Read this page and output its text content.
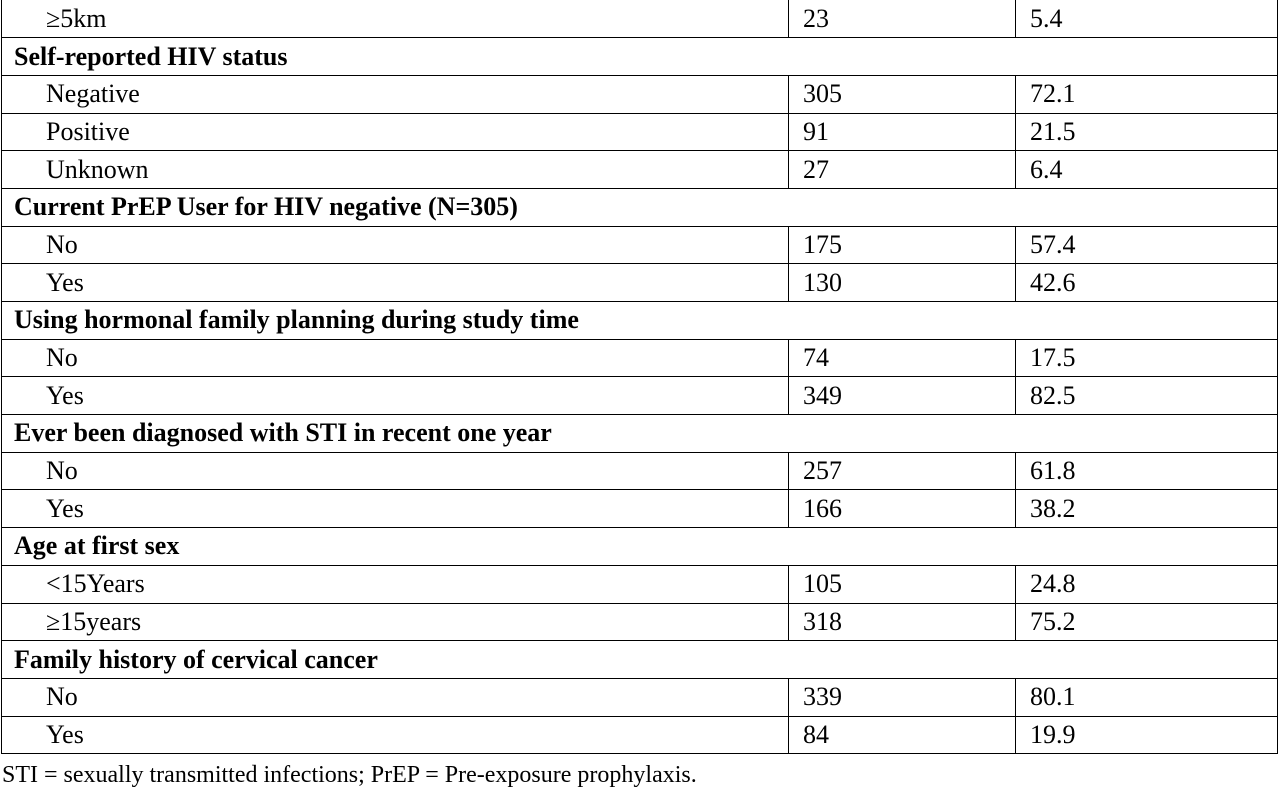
≥5km	23	5.4
Self-reported HIV status		
Negative	305	72.1
Positive	91	21.5
Unknown	27	6.4
Current PrEP User for HIV negative (N=305)		
No	175	57.4
Yes	130	42.6
Using hormonal family planning during study time		
No	74	17.5
Yes	349	82.5
Ever been diagnosed with STI in recent one year		
No	257	61.8
Yes	166	38.2
Age at first sex		
<15Years	105	24.8
≥15years	318	75.2
Family history of cervical cancer		
No	339	80.1
Yes	84	19.9
STI = sexually transmitted infections; PrEP = Pre-exposure prophylaxis.
